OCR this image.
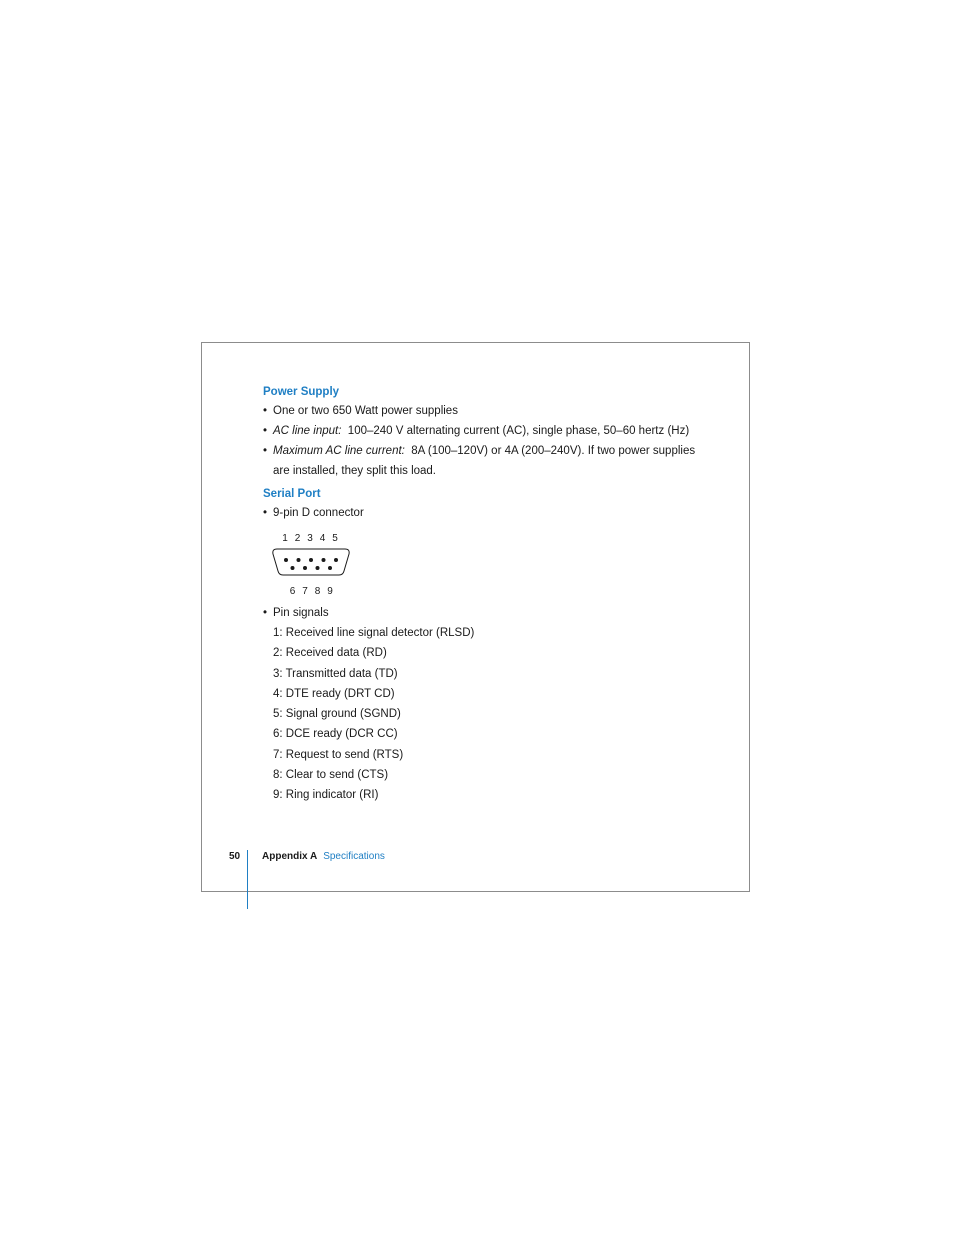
Power Supply
• One or two 650 Watt power supplies
• AC line input: 100–240 V alternating current (AC), single phase, 50–60 hertz (Hz)
• Maximum AC line current: 8A (100–120V) or 4A (200–240V). If two power supplies are installed, they split this load.
Serial Port
• 9-pin D connector
1 2 3 4 5
6 7 8 9
• Pin signals
1: Received line signal detector (RLSD)
2: Received data (RD)
3: Transmitted data (TD)
4: DTE ready (DRT CD)
5: Signal ground (SGND)
6: DCE ready (DCR CC)
7: Request to send (RTS)
8: Clear to send (CTS)
9: Ring indicator (RI)
50 Appendix A Specifications
